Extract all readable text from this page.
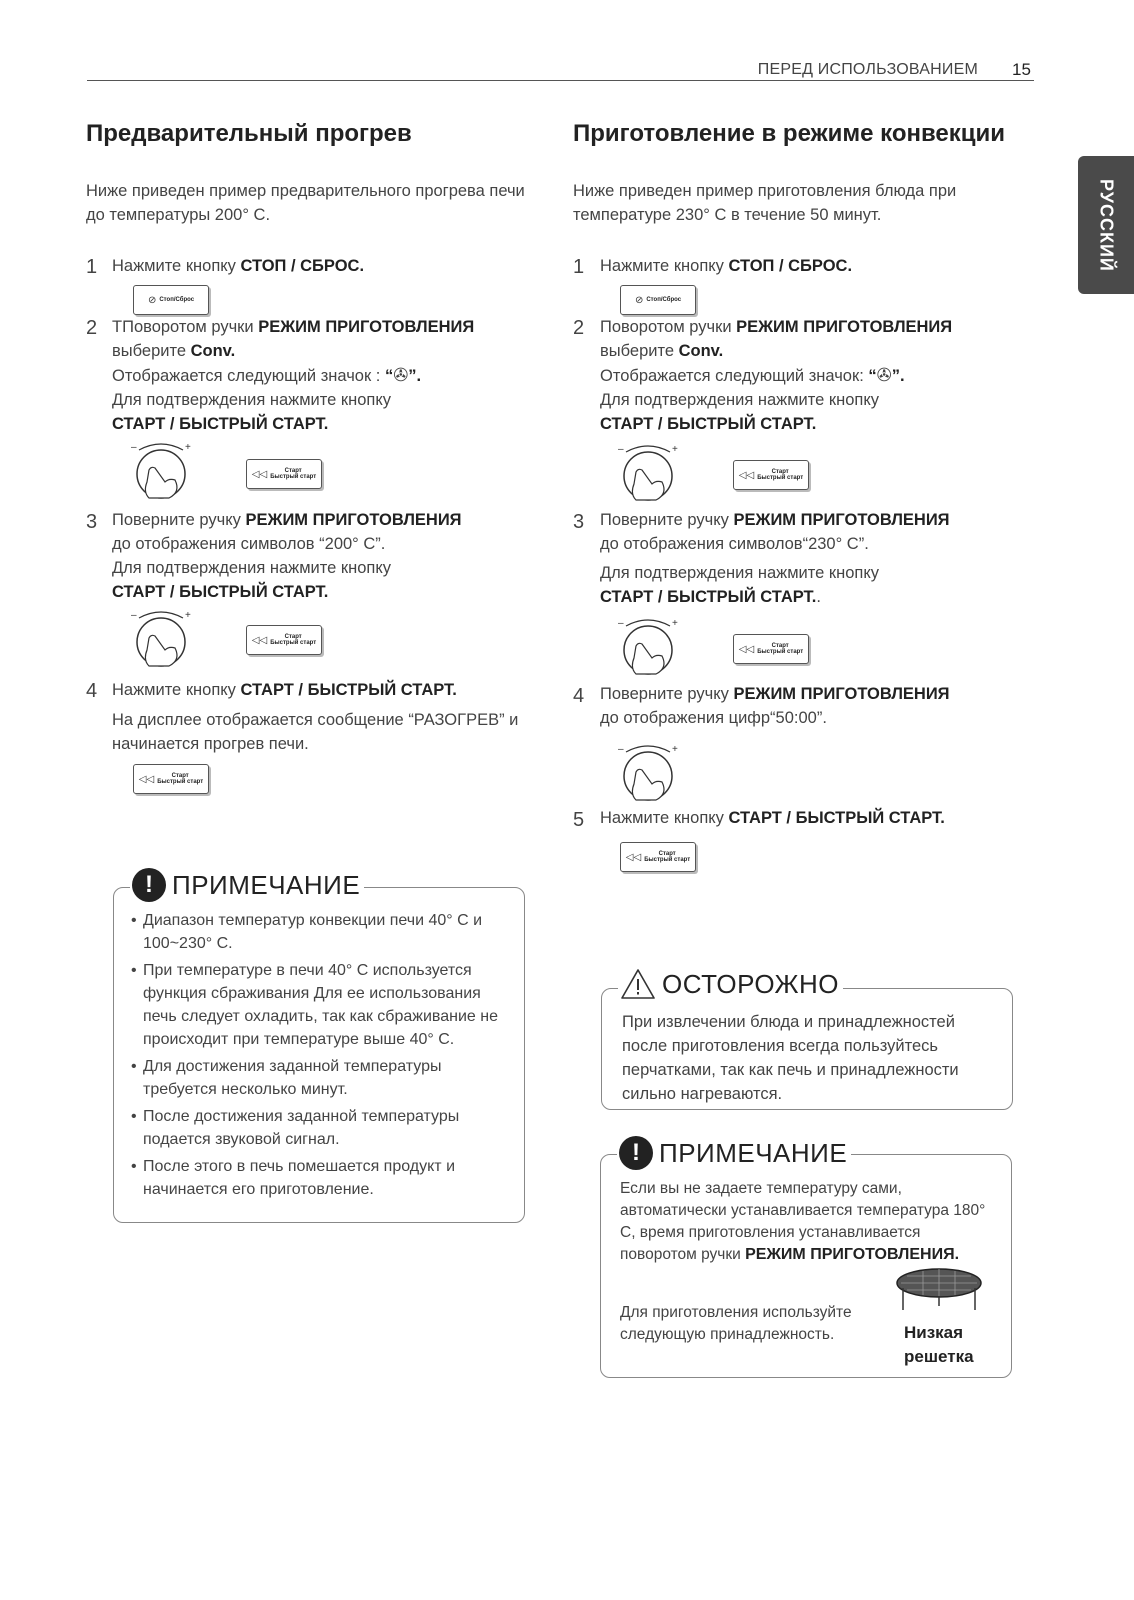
ПЕРЕД ИСПОЛЬЗОВАНИЕМ 15
РУССКИЙ
Предварительный прогрев
Ниже приведен пример предварительного прогрева печи до температуры 200° С.
1 Нажмите кнопку СТОП / СБРОС.
⊘ Стоп/Сброс
2 TПоворотом ручки РЕЖИМ ПРИГОТОВЛЕНИЯ
выберите Conv.
Отображается следующий значок : “✇”.
Для подтверждения нажмите кнопку
СТАРТ / БЫСТРЫЙ СТАРТ.
–	+
◁◁	Старт
Быстрый старт
3 Поверните ручку РЕЖИМ ПРИГОТОВЛЕНИЯ
до отображения символов “200° С”.
Для подтверждения нажмите кнопку
СТАРТ / БЫСТРЫЙ СТАРТ.
–	+
◁◁	Старт
Быстрый старт
4 Нажмите кнопку СТАРТ / БЫСТРЫЙ СТАРТ.
На дисплее отображается сообщение “РАЗОГРЕВ” и начинается прогрев печи.
◁◁	Старт
Быстрый старт
! ПРИМЕЧАНИЕ
• Диапазон температур конвекции печи 40° С и 100~230° С.
• При температуре в печи 40° С используется функция сбраживания Для ее использования печь следует охладить, так как сбраживание не происходит при температуре выше 40° С.
• Для достижения заданной температуры требуется несколько минут.
• После достижения заданной температуры подается звуковой сигнал.
• После этого в печь помешается продукт и начинается его приготовление.
Приготовление в режиме конвекции
Ниже приведен пример приготовления блюда при температуре 230° С в течение 50 минут.
1 Нажмите кнопку СТОП / СБРОС.
⊘ Стоп/Сброс
2 Поворотом ручки РЕЖИМ ПРИГОТОВЛЕНИЯ
выберите Conv.
Отображается следующий значок: “✇”.
Для подтверждения нажмите кнопку
СТАРТ / БЫСТРЫЙ СТАРТ.
–	+
◁◁	Старт
Быстрый старт
3 Поверните ручку РЕЖИМ ПРИГОТОВЛЕНИЯ
до отображения символов“230° С”.
Для подтверждения нажмите кнопку
СТАРТ / БЫСТРЫЙ СТАРТ..
–	+
◁◁	Старт
Быстрый старт
4 Поверните ручку РЕЖИМ ПРИГОТОВЛЕНИЯ
до отображения цифр“50:00”.
–	+
5 Нажмите кнопку СТАРТ / БЫСТРЫЙ СТАРТ.
◁◁	Старт
Быстрый старт
ОСТОРОЖНО
При извлечении блюда и принадлежностей после приготовления всегда пользуйтесь перчатками, так как печь и принадлежности сильно нагреваются.
! ПРИМЕЧАНИЕ
Если вы не задаете температуру сами, автоматически устанавливается температура 180° С, время приготовления устанавливается поворотом ручки РЕЖИМ ПРИГОТОВЛЕНИЯ.
Для приготовления используйте следующую принадлежность.	Низкая решетка
